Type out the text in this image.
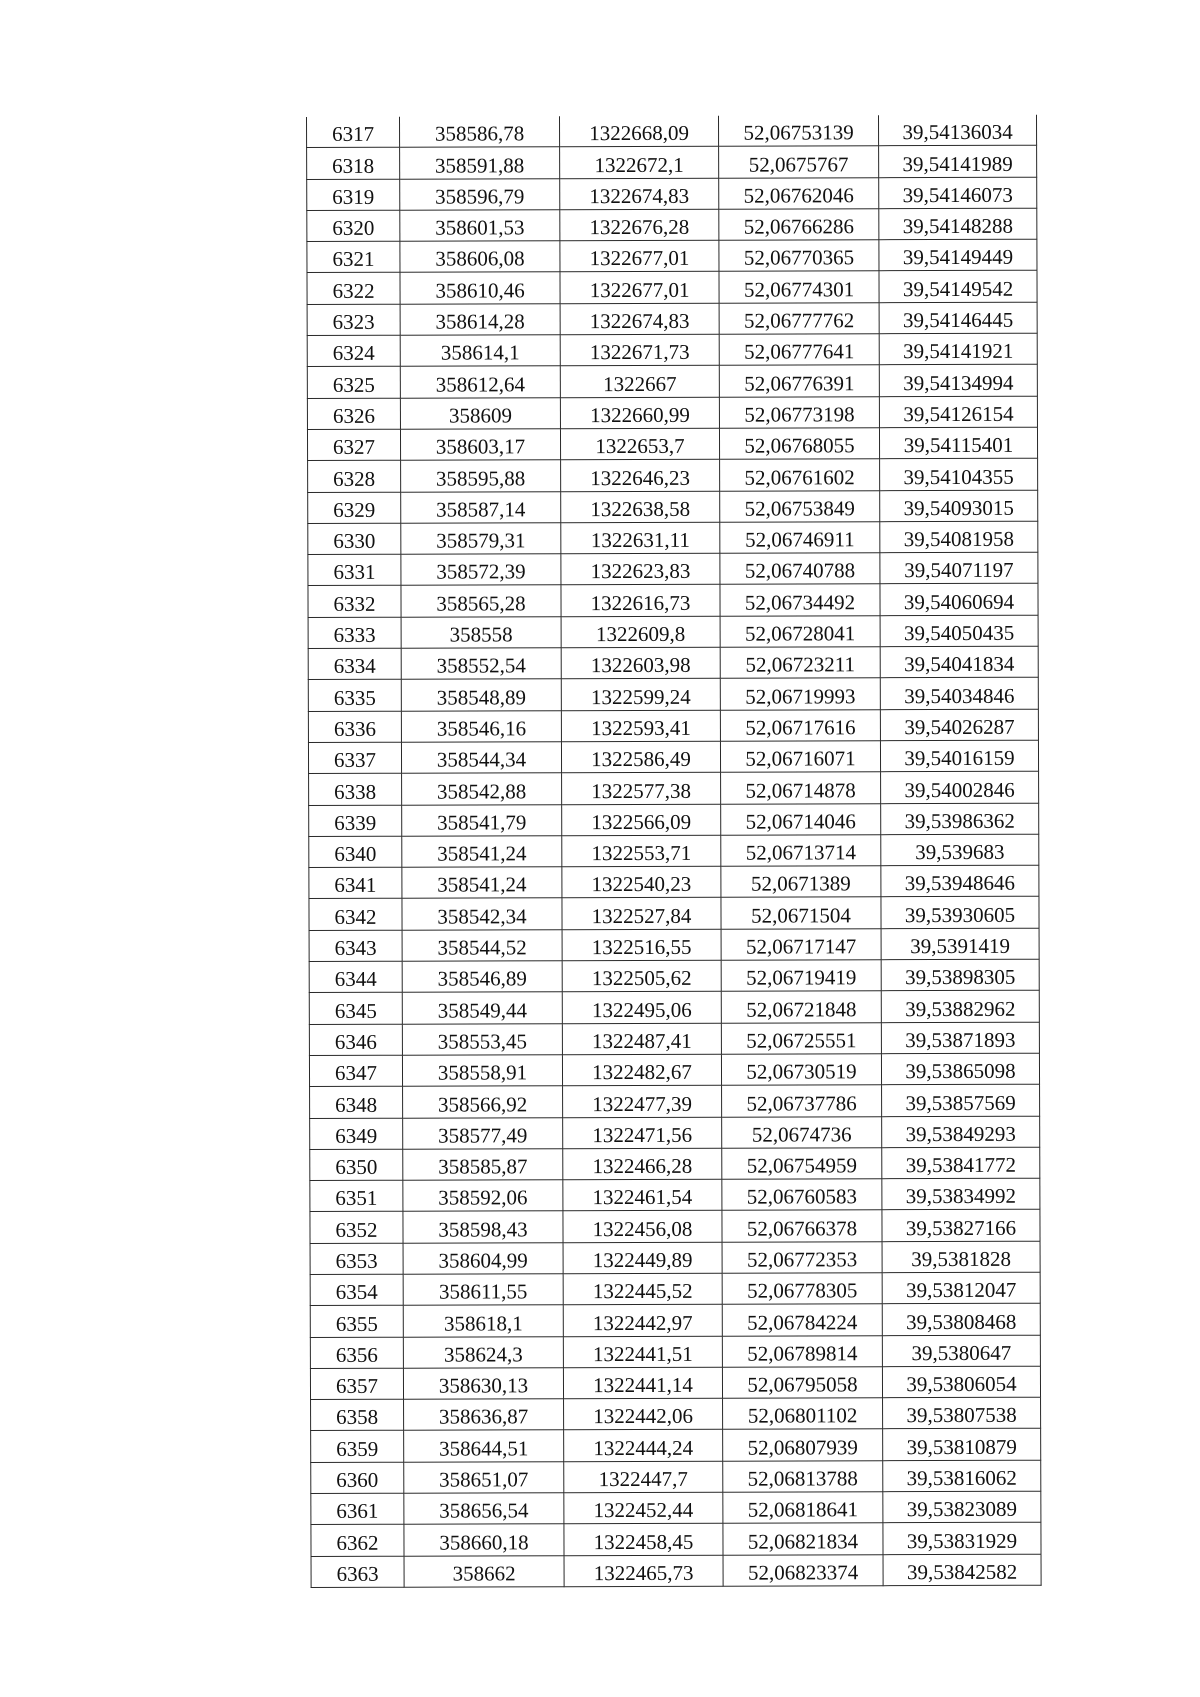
6317	358586,78	1322668,09	52,06753139	39,54136034
6318	358591,88	1322672,1	52,0675767	39,54141989
6319	358596,79	1322674,83	52,06762046	39,54146073
6320	358601,53	1322676,28	52,06766286	39,54148288
6321	358606,08	1322677,01	52,06770365	39,54149449
6322	358610,46	1322677,01	52,06774301	39,54149542
6323	358614,28	1322674,83	52,06777762	39,54146445
6324	358614,1	1322671,73	52,06777641	39,54141921
6325	358612,64	1322667	52,06776391	39,54134994
6326	358609	1322660,99	52,06773198	39,54126154
6327	358603,17	1322653,7	52,06768055	39,54115401
6328	358595,88	1322646,23	52,06761602	39,54104355
6329	358587,14	1322638,58	52,06753849	39,54093015
6330	358579,31	1322631,11	52,06746911	39,54081958
6331	358572,39	1322623,83	52,06740788	39,54071197
6332	358565,28	1322616,73	52,06734492	39,54060694
6333	358558	1322609,8	52,06728041	39,54050435
6334	358552,54	1322603,98	52,06723211	39,54041834
6335	358548,89	1322599,24	52,06719993	39,54034846
6336	358546,16	1322593,41	52,06717616	39,54026287
6337	358544,34	1322586,49	52,06716071	39,54016159
6338	358542,88	1322577,38	52,06714878	39,54002846
6339	358541,79	1322566,09	52,06714046	39,53986362
6340	358541,24	1322553,71	52,06713714	39,539683
6341	358541,24	1322540,23	52,0671389	39,53948646
6342	358542,34	1322527,84	52,0671504	39,53930605
6343	358544,52	1322516,55	52,06717147	39,5391419
6344	358546,89	1322505,62	52,06719419	39,53898305
6345	358549,44	1322495,06	52,06721848	39,53882962
6346	358553,45	1322487,41	52,06725551	39,53871893
6347	358558,91	1322482,67	52,06730519	39,53865098
6348	358566,92	1322477,39	52,06737786	39,53857569
6349	358577,49	1322471,56	52,0674736	39,53849293
6350	358585,87	1322466,28	52,06754959	39,53841772
6351	358592,06	1322461,54	52,06760583	39,53834992
6352	358598,43	1322456,08	52,06766378	39,53827166
6353	358604,99	1322449,89	52,06772353	39,5381828
6354	358611,55	1322445,52	52,06778305	39,53812047
6355	358618,1	1322442,97	52,06784224	39,53808468
6356	358624,3	1322441,51	52,06789814	39,5380647
6357	358630,13	1322441,14	52,06795058	39,53806054
6358	358636,87	1322442,06	52,06801102	39,53807538
6359	358644,51	1322444,24	52,06807939	39,53810879
6360	358651,07	1322447,7	52,06813788	39,53816062
6361	358656,54	1322452,44	52,06818641	39,53823089
6362	358660,18	1322458,45	52,06821834	39,53831929
6363	358662	1322465,73	52,06823374	39,53842582
